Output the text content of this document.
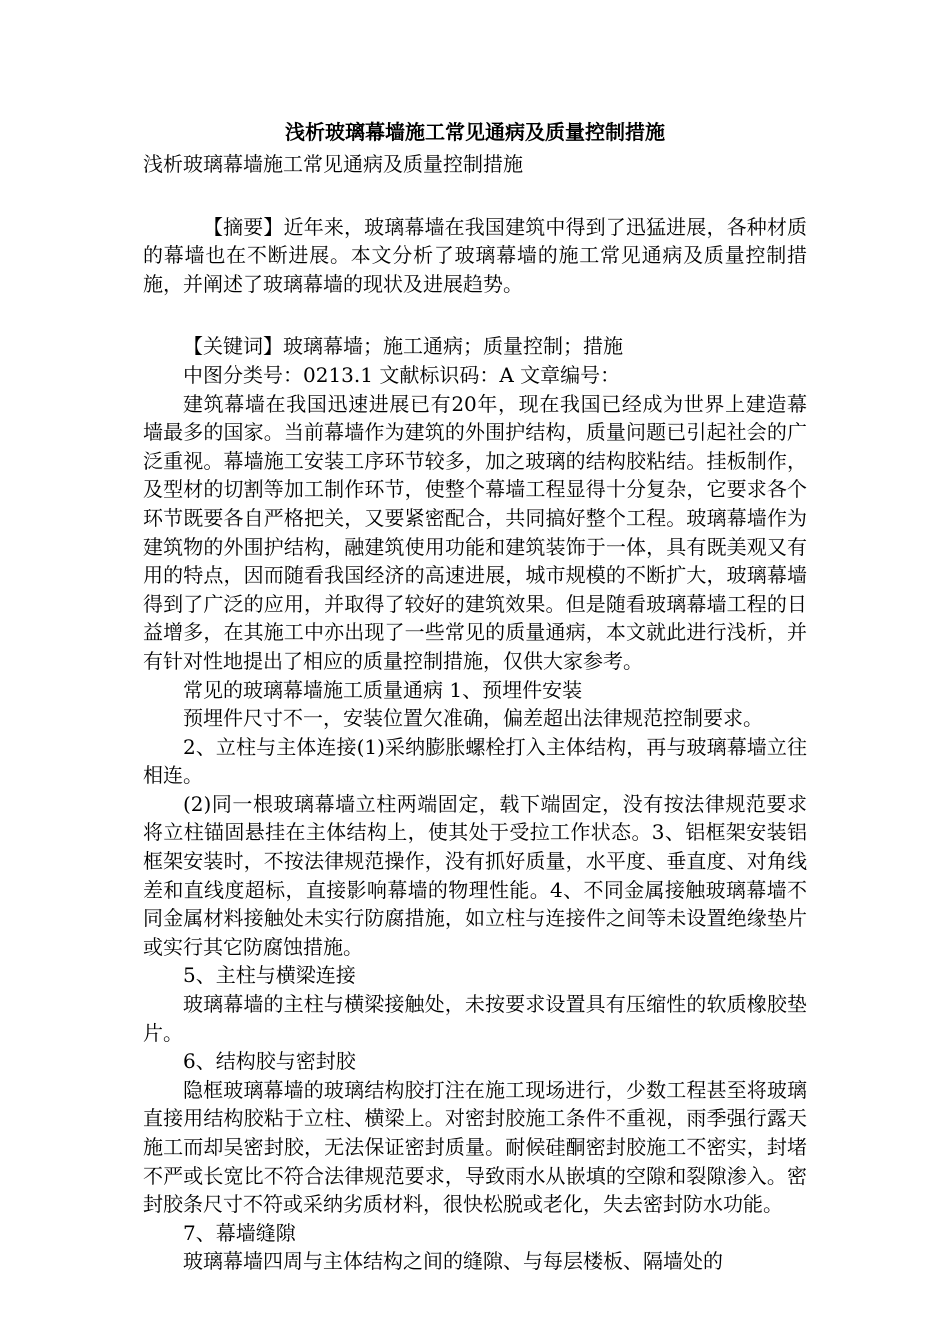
浅析玻璃幕墙施工常见通病及质量控制措施
浅析玻璃幕墙施工常见通病及质量控制措施
【摘要】近年来，玻璃幕墙在我国建筑中得到了迅猛进展，各种材质的幕墙也在不断进展。本文分析了玻璃幕墙的施工常见通病及质量控制措施，并阐述了玻璃幕墙的现状及进展趋势。
【关键词】玻璃幕墙；施工通病；质量控制；措施
中图分类号：0213.1 文献标识码：A 文章编号：
建筑幕墙在我国迅速进展已有20年，现在我国已经成为世界上建造幕墙最多的国家。当前幕墙作为建筑的外围护结构，质量问题已引起社会的广泛重视。幕墙施工安装工序环节较多，加之玻璃的结构胶粘结。挂板制作，及型材的切割等加工制作环节，使整个幕墙工程显得十分复杂，它要求各个环节既要各自严格把关，又要紧密配合，共同搞好整个工程。玻璃幕墙作为建筑物的外围护结构，融建筑使用功能和建筑装饰于一体，具有既美观又有用的特点，因而随看我国经济的高速进展，城市规模的不断扩大，玻璃幕墙得到了广泛的应用，并取得了较好的建筑效果。但是随看玻璃幕墙工程的日益增多，在其施工中亦出现了一些常见的质量通病，本文就此进行浅析，并有针对性地提出了相应的质量控制措施，仅供大家参考。
常见的玻璃幕墙施工质量通病 1、预埋件安装
预埋件尺寸不一，安装位置欠准确，偏差超出法律规范控制要求。
2、立柱与主体连接(1)采纳膨胀螺栓打入主体结构，再与玻璃幕墙立往相连。
(2)同一根玻璃幕墙立柱两端固定，载下端固定，没有按法律规范要求将立柱锚固悬挂在主体结构上，使其处于受拉工作状态。3、铝框架安装铝框架安装时，不按法律规范操作，没有抓好质量，水平度、垂直度、对角线差和直线度超标，直接影响幕墙的物理性能。4、不同金属接触玻璃幕墙不同金属材料接触处未实行防腐措施，如立柱与连接件之间等未设置绝缘垫片或实行其它防腐蚀措施。
5、主柱与横梁连接
玻璃幕墙的主柱与横梁接触处，未按要求设置具有压缩性的软质橡胶垫片。
6、结构胶与密封胶
隐框玻璃幕墙的玻璃结构胶打注在施工现场进行，少数工程甚至将玻璃直接用结构胶粘于立柱、横梁上。对密封胶施工条件不重视，雨季强行露天施工而却吴密封胶，无法保证密封质量。耐候硅酮密封胶施工不密实，封堵不严或长宽比不符合法律规范要求，导致雨水从嵌填的空隙和裂隙渗入。密封胶条尺寸不符或采纳劣质材料，很快松脱或老化，失去密封防水功能。
7、幕墙缝隙
玻璃幕墙四周与主体结构之间的缝隙、与每层楼板、隔墙处的
